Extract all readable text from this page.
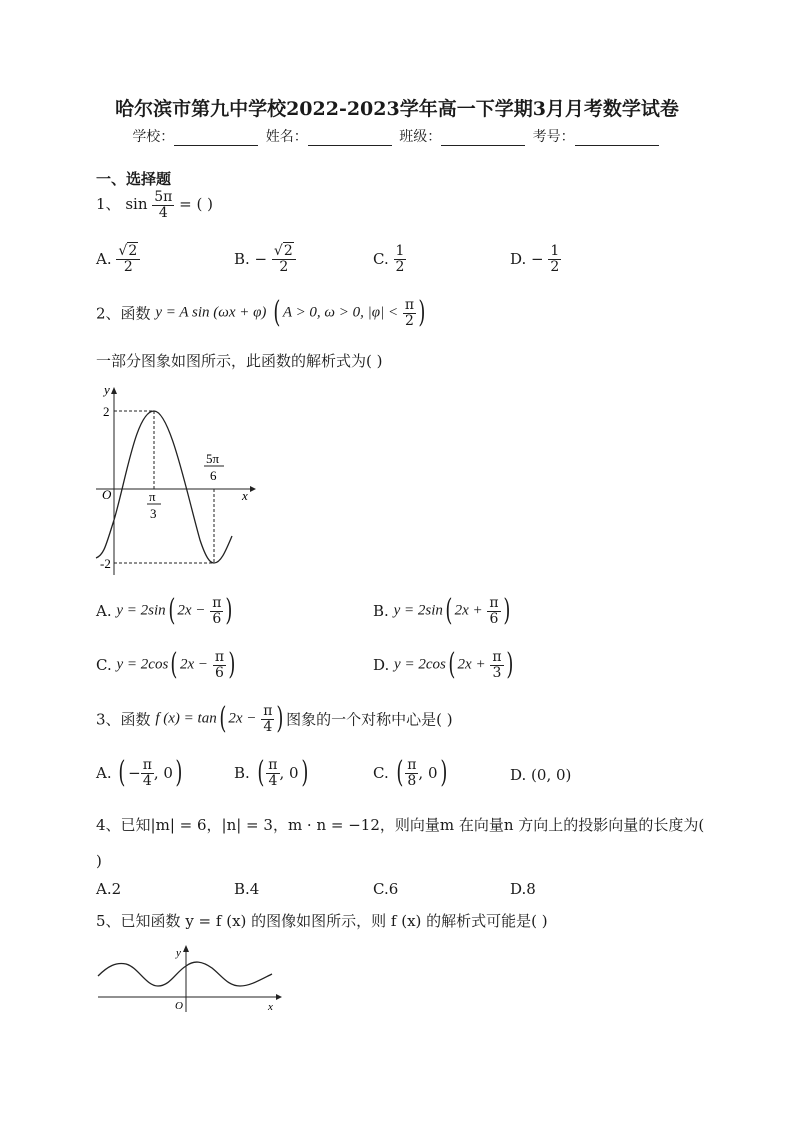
哈尔滨市第九中学校2022-2023学年高一下学期3月月考数学试卷
学校：	姓名：	班级：	考号：
一、选择题
1、 $\sin \frac{5\pi}{4}$ = ( )
A. $\frac{√2}{2}$	B. − $\frac{√2}{2}$	C. $\frac{1}{2}$	D. − $\frac{1}{2}$
2、函数 y = A sin (ωx + φ) ( A > 0, ω > 0, $|\varphi| < \frac{\pi}{2}$ )
一部分图象如图所示，此函数的解析式为( )
y
x
O
2
-2
π
3
5π
6
A. y = 2sin( $2x - \frac{\pi}{6}$ )	B. y = 2sin( $2x + \frac{\pi}{6}$ )
C. y = 2cos( $2x - \frac{\pi}{6}$ )	D. y = 2cos( $2x + \frac{\pi}{3}$ )
3、函数 f (x) = tan( $2x - \frac{\pi}{4}$ ) 图象的一个对称中心是( )
A. ( − $\frac{\pi}{4}$ , 0)	B. ( $\frac{\pi}{4}$ , 0)	C. ( $\frac{\pi}{8}$ , 0)	D. (0, 0)
4、已知|m| = 6，|n| = 3，m · n = −12，则向量m 在向量n 方向上的投影向量的长度为(
)
A.2	B.4	C.6	D.8
5、已知函数 y = f (x) 的图像如图所示，则 f (x) 的解析式可能是( )
y
x
O
